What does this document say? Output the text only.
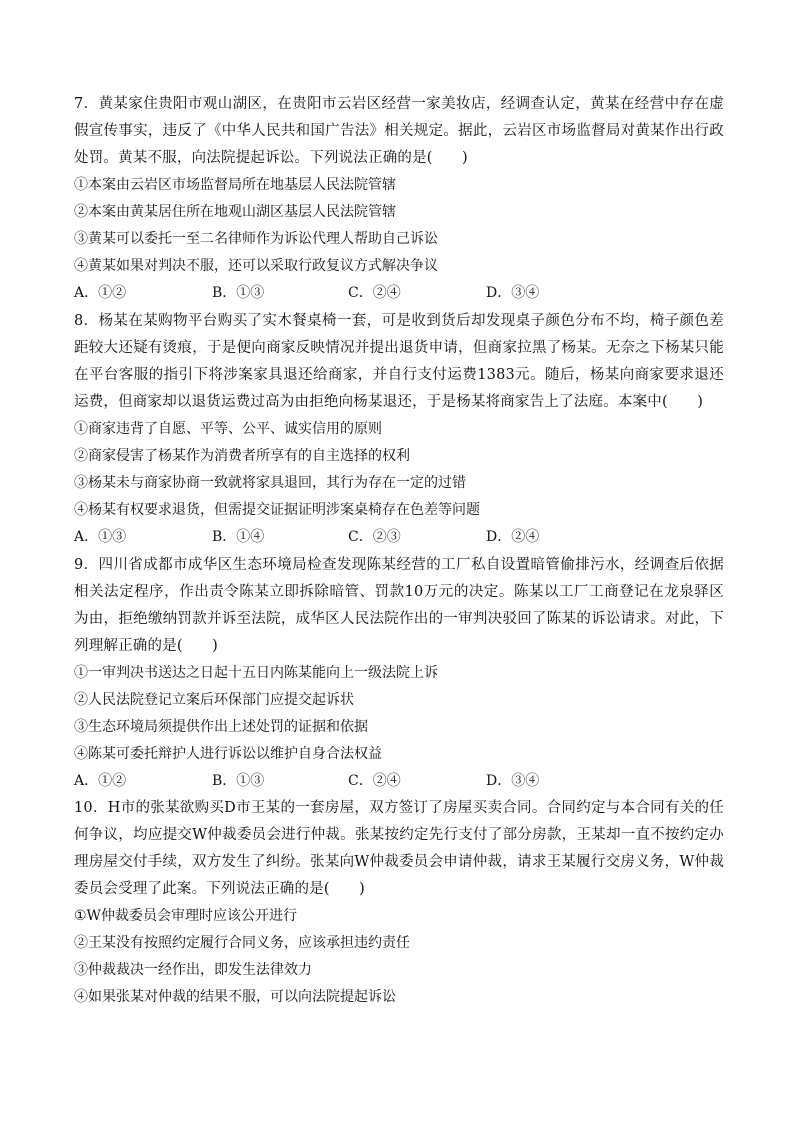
7．黄某家住贵阳市观山湖区，在贵阳市云岩区经营一家美妆店，经调查认定，黄某在经营中存在虚假宣传事实，违反了《中华人民共和国广告法》相关规定。据此，云岩区市场监督局对黄某作出行政处罚。黄某不服，向法院提起诉讼。下列说法正确的是(　　)

①本案由云岩区市场监督局所在地基层人民法院管辖

②本案由黄某居住所在地观山湖区基层人民法院管辖

③黄某可以委托一至二名律师作为诉讼代理人帮助自己诉讼

④黄某如果对判决不服，还可以采取行政复议方式解决争议

A．①②	B．①③	C．②④	D．③④

8．杨某在某购物平台购买了实木餐桌椅一套，可是收到货后却发现桌子颜色分布不均，椅子颜色差距较大还疑有烫痕，于是便向商家反映情况并提出退货申请，但商家拉黑了杨某。无奈之下杨某只能在平台客服的指引下将涉案家具退还给商家，并自行支付运费1383元。随后，杨某向商家要求退还运费，但商家却以退货运费过高为由拒绝向杨某退还，于是杨某将商家告上了法庭。本案中(　　)

①商家违背了自愿、平等、公平、诚实信用的原则

②商家侵害了杨某作为消费者所享有的自主选择的权利

③杨某未与商家协商一致就将家具退回，其行为存在一定的过错

④杨某有权要求退货，但需提交证据证明涉案桌椅存在色差等问题

A．①③	B．①④	C．②③	D．②④

9．四川省成都市成华区生态环境局检查发现陈某经营的工厂私自设置暗管偷排污水，经调查后依据相关法定程序，作出责令陈某立即拆除暗管、罚款10万元的决定。陈某以工厂工商登记在龙泉驿区为由，拒绝缴纳罚款并诉至法院，成华区人民法院作出的一审判决驳回了陈某的诉讼请求。对此，下列理解正确的是(　　)

①一审判决书送达之日起十五日内陈某能向上一级法院上诉

②人民法院登记立案后环保部门应提交起诉状

③生态环境局须提供作出上述处罚的证据和依据

④陈某可委托辩护人进行诉讼以维护自身合法权益

A．①②	B．①③	C．②④	D．③④

10．H市的张某欲购买D市王某的一套房屋，双方签订了房屋买卖合同。合同约定与本合同有关的任何争议，均应提交W仲裁委员会进行仲裁。张某按约定先行支付了部分房款，王某却一直不按约定办理房屋交付手续，双方发生了纠纷。张某向W仲裁委员会申请仲裁，请求王某履行交房义务，W仲裁委员会受理了此案。下列说法正确的是(　　)

①W仲裁委员会审理时应该公开进行

②王某没有按照约定履行合同义务，应该承担违约责任

③仲裁裁决一经作出，即发生法律效力

④如果张某对仲裁的结果不服，可以向法院提起诉讼
